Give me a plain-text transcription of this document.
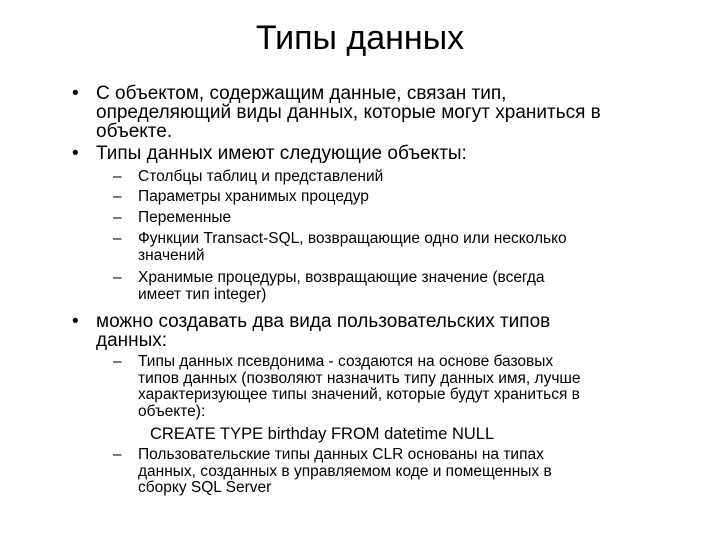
Типы данных
• С объектом, содержащим данные, связан тип,
определяющий виды данных, которые могут храниться в
объекте.
• Типы данных имеют следующие объекты:
– Столбцы таблиц и представлений
– Параметры хранимых процедур
– Переменные
– Функции Transact-SQL, возвращающие одно или несколько
значений
– Хранимые процедуры, возвращающие значение (всегда
имеет тип integer)
• можно создавать два вида пользовательских типов
данных:
– Типы данных псевдонима - создаются на основе базовых
типов данных (позволяют назначить типу данных имя, лучше
характеризующее типы значений, которые будут храниться в
объекте):
CREATE TYPE birthday FROM datetime NULL
– Пользовательские типы данных CLR основаны на типах
данных, созданных в управляемом коде и помещенных в
сборку SQL Server
